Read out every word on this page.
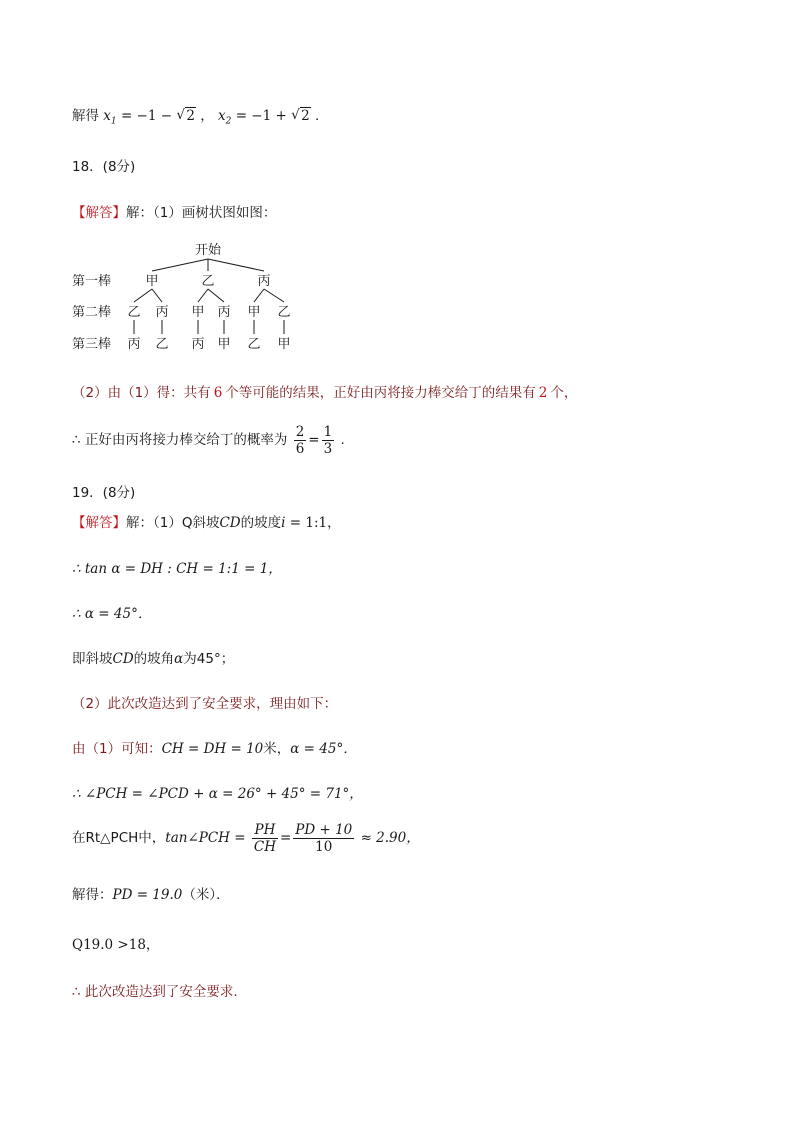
解得 $x_1 = -1$ − √ 2 ， $x_2 = -1$ + √ 2 .
18．(8分)
【解答】解：（1）画树状图如图：
开始
第一棒
第二棒
第三棒
甲	乙	丙
乙 丙 甲 丙 甲 乙
丙 乙 丙 甲 乙 甲
（2）由（1）得：共有 6 个等可能的结果，正好由丙将接力棒交给丁的结果有 2 个，
∴ 正好由丙将接力棒交给丁的概率为 $\frac{2}{6} = \frac{1}{3}$ .
19．(8分)
【解答】解：（1）Q斜坡CD的坡度i = 1:1，
∴ tan α = DH : CH = 1:1 = 1，
∴ α = 45°．
即斜坡CD的坡角α为45°；
（2）此次改造达到了安全要求，理由如下：
由（1）可知：CH = DH = 10米，α = 45°．
∴ ∠PCH = ∠PCD + α = 26° + 45° = 71°，
在Rt△PCH中，tan∠PCH = $\frac{PH}{CH} = \frac{PD + 10}{10} \approx 2.90$，
解得：PD = 19.0（米）．
Q19.0 >18，
∴ 此次改造达到了安全要求.
